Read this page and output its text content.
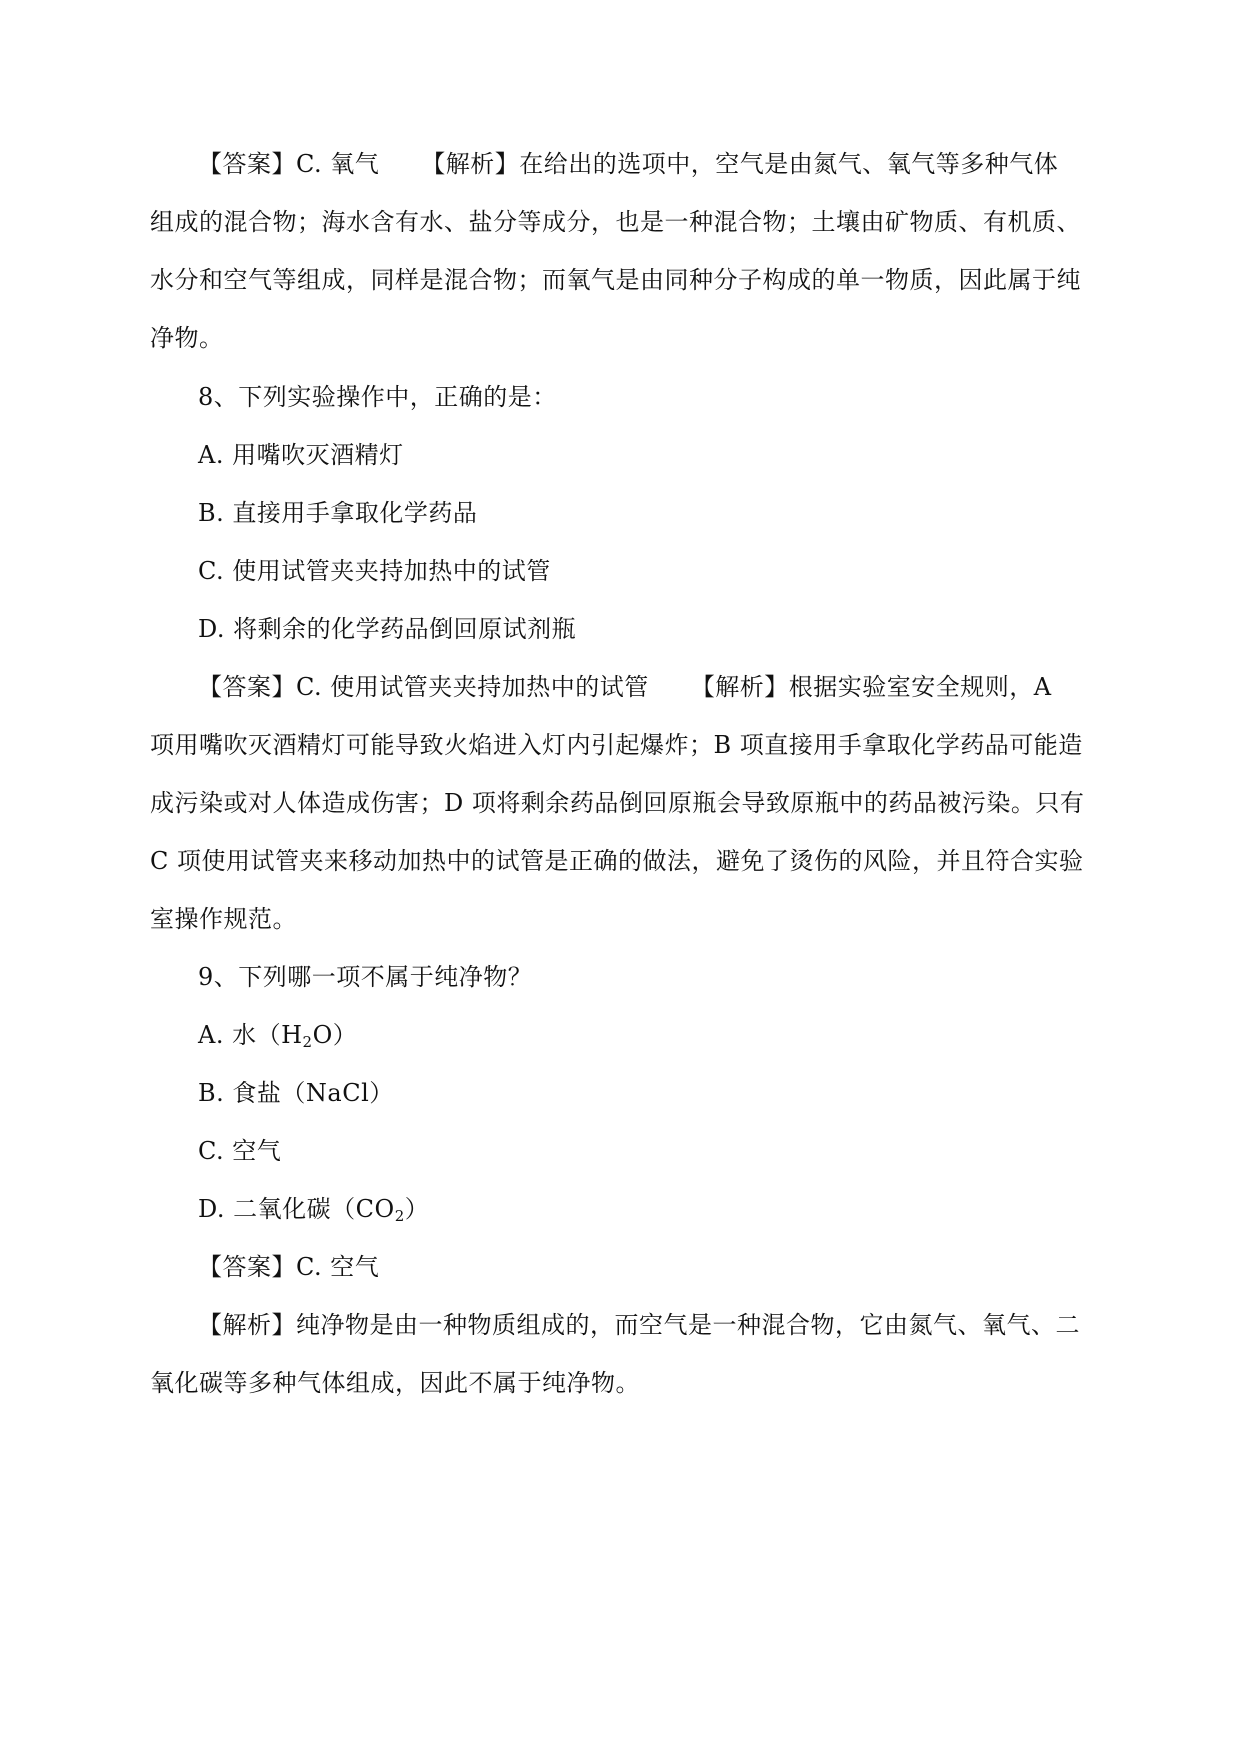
【答案】C. 氧气 【解析】在给出的选项中，空气是由氮气、氧气等多种气体
组成的混合物；海水含有水、盐分等成分，也是一种混合物；土壤由矿物质、有机质、
水分和空气等组成，同样是混合物；而氧气是由同种分子构成的单一物质，因此属于纯
净物。
8、下列实验操作中，正确的是：
A. 用嘴吹灭酒精灯
B. 直接用手拿取化学药品
C. 使用试管夹夹持加热中的试管
D. 将剩余的化学药品倒回原试剂瓶
【答案】C. 使用试管夹夹持加热中的试管 【解析】根据实验室安全规则，A
项用嘴吹灭酒精灯可能导致火焰进入灯内引起爆炸；B 项直接用手拿取化学药品可能造
成污染或对人体造成伤害；D 项将剩余药品倒回原瓶会导致原瓶中的药品被污染。只有
C 项使用试管夹来移动加热中的试管是正确的做法，避免了烫伤的风险，并且符合实验
室操作规范。
9、下列哪一项不属于纯净物？
A. 水$(H_2O)$
B. 食盐（NaCl）
C. 空气
D. 二氧化碳$(CO_2)$
【答案】C. 空气
【解析】纯净物是由一种物质组成的，而空气是一种混合物，它由氮气、氧气、二
氧化碳等多种气体组成，因此不属于纯净物。
